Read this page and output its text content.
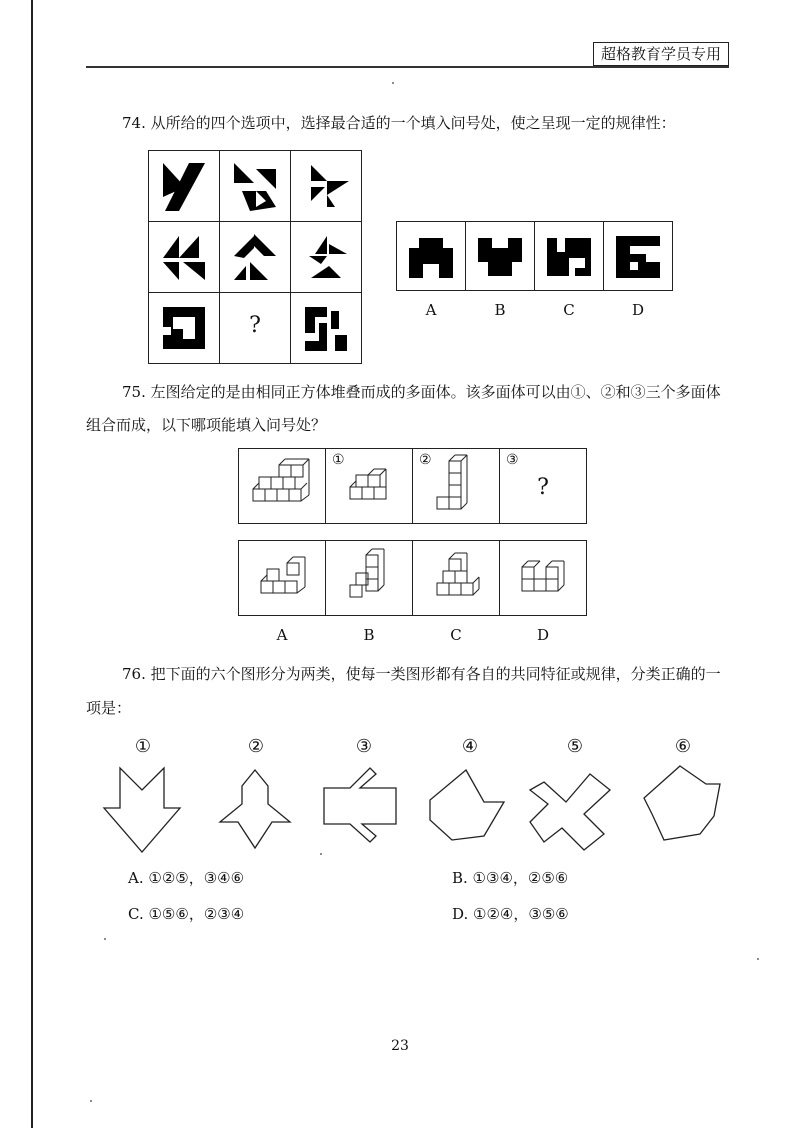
超格教育学员专用
74. 从所给的四个选项中，选择最合适的一个填入问号处，使之呈现一定的规律性：
?
A	B	C	D
75. 左图给定的是由相同正方体堆叠而成的多面体。该多面体可以由①、②和③三个多面体
组合而成，以下哪项能填入问号处？
①	②	③
?
A	B	C	D
76. 把下面的六个图形分为两类，使每一类图形都有各自的共同特征或规律，分类正确的一
项是：
①	②	③	④	⑤	⑥
A. ①②⑤，③④⑥	B. ①③④，②⑤⑥
C. ①⑤⑥，②③④	D. ①②④，③⑤⑥
23
